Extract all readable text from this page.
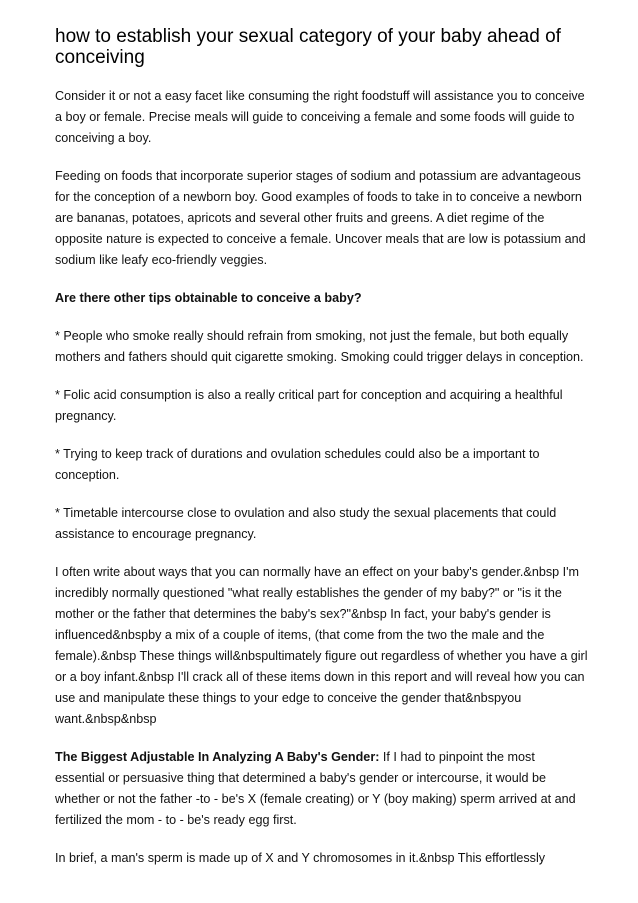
how to establish your sexual category of your baby ahead of conceiving

Consider it or not a easy facet like consuming the right foodstuff will assistance you to conceive a boy or female. Precise meals will guide to conceiving a female and some foods will guide to conceiving a boy.

Feeding on foods that incorporate superior stages of sodium and potassium are advantageous for the conception of a newborn boy. Good examples of foods to take in to conceive a newborn are bananas, potatoes, apricots and several other fruits and greens. A diet regime of the opposite nature is expected to conceive a female. Uncover meals that are low is potassium and sodium like leafy eco-friendly veggies.

Are there other tips obtainable to conceive a baby?

* People who smoke really should refrain from smoking, not just the female, but both equally mothers and fathers should quit cigarette smoking. Smoking could trigger delays in conception.

* Folic acid consumption is also a really critical part for conception and acquiring a healthful pregnancy.

* Trying to keep track of durations and ovulation schedules could also be a important to conception.

* Timetable intercourse close to ovulation and also study the sexual placements that could assistance to encourage pregnancy.

I often write about ways that you can normally have an effect on your baby's gender.&nbsp I'm incredibly normally questioned "what really establishes the gender of my baby?" or "is it the mother or the father that determines the baby's sex?"&nbsp In fact, your baby's gender is influenced&nbspby a mix of a couple of items, (that come from the two the male and the female).&nbsp These things will&nbspultimately figure out regardless of whether you have a girl or a boy infant.&nbsp I'll crack all of these items down in this report and will reveal how you can use and manipulate these things to your edge to conceive the gender that&nbspyou want.&nbsp&nbsp

The Biggest Adjustable In Analyzing A Baby's Gender: If I had to pinpoint the most essential or persuasive thing that determined a baby's gender or intercourse, it would be whether or not the father -to - be's X (female creating) or Y (boy making) sperm arrived at and fertilized the mom - to - be's ready egg first.

In brief, a man's sperm is made up of X and Y chromosomes in it.&nbsp This effortlessly
